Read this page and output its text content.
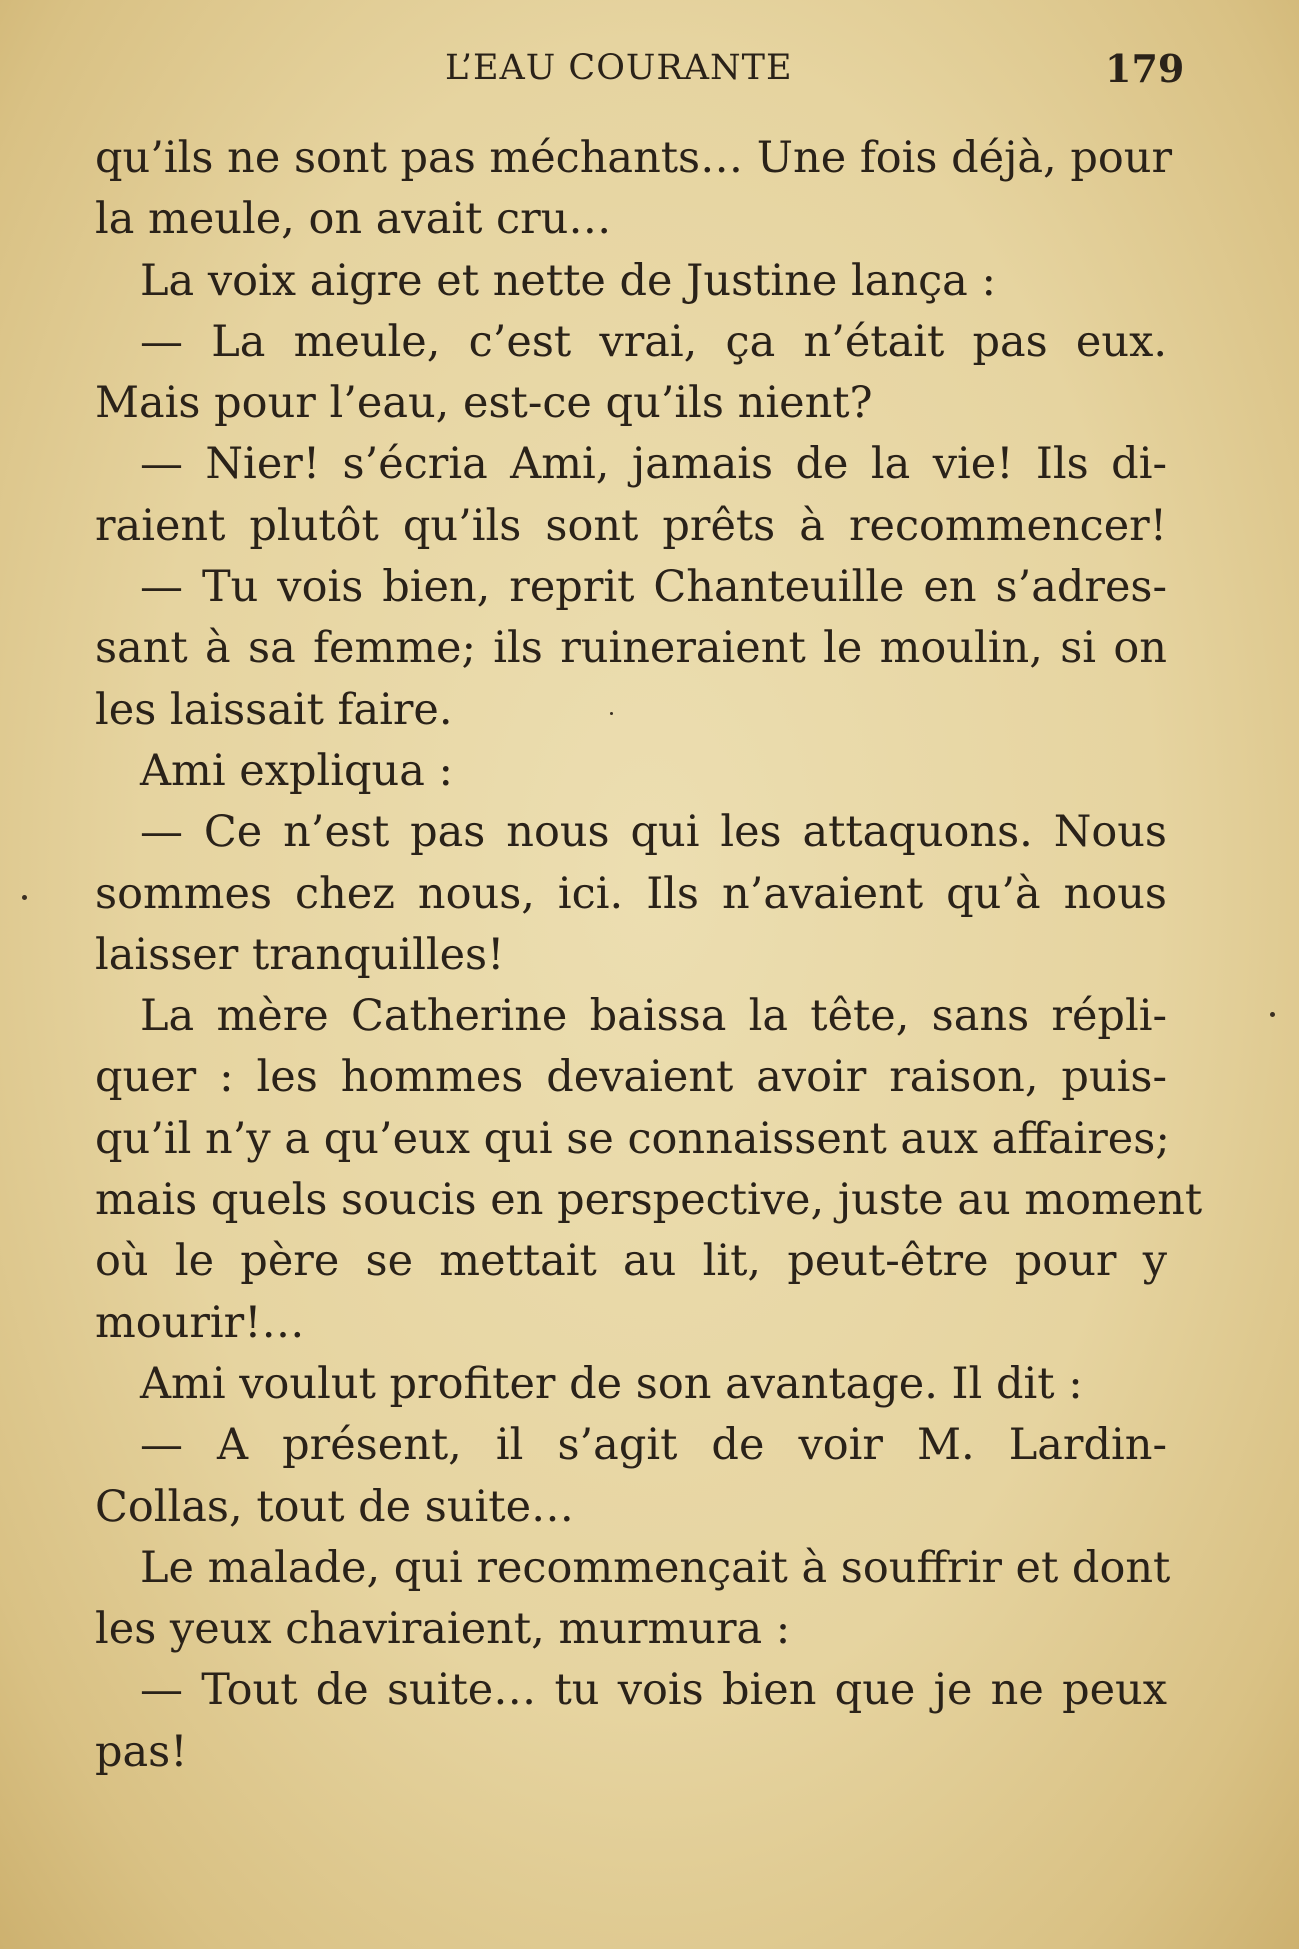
L’EAU COURANTE	179
qu’ils ne sont pas méchants… Une fois déjà, pour
la meule, on avait cru…
La voix aigre et nette de Justine lança :
— La meule, c’est vrai, ça n’était pas eux.
Mais pour l’eau, est-ce qu’ils nient?
— Nier! s’écria Ami, jamais de la vie! Ils di-
raient plutôt qu’ils sont prêts à recommencer!
— Tu vois bien, reprit Chanteuille en s’adres-
sant à sa femme; ils ruineraient le moulin, si on
les laissait faire.
Ami expliqua :
— Ce n’est pas nous qui les attaquons. Nous
sommes chez nous, ici. Ils n’avaient qu’à nous
laisser tranquilles!
La mère Catherine baissa la tête, sans répli-
quer : les hommes devaient avoir raison, puis-
qu’il n’y a qu’eux qui se connaissent aux affaires;
mais quels soucis en perspective, juste au moment
où le père se mettait au lit, peut-être pour y
mourir!…
Ami voulut profiter de son avantage. Il dit :
— A présent, il s’agit de voir M. Lardin-
Collas, tout de suite…
Le malade, qui recommençait à souffrir et dont
les yeux chaviraient, murmura :
— Tout de suite… tu vois bien que je ne peux
pas!
